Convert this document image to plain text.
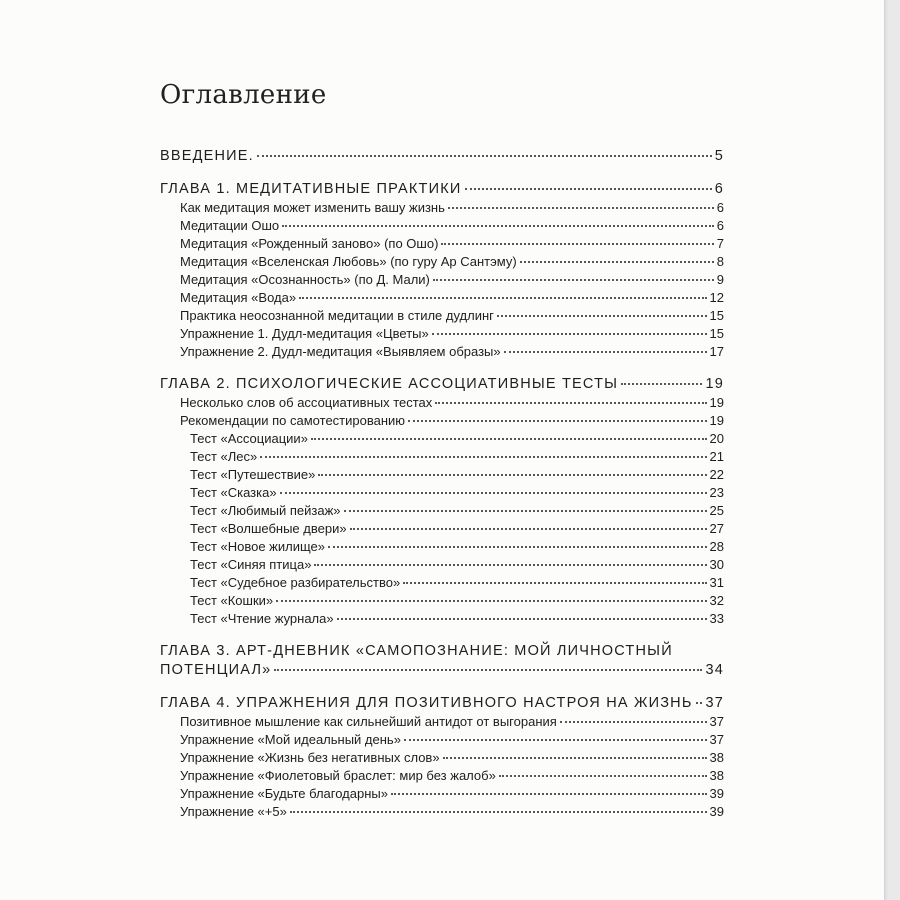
Оглавление
ВВЕДЕНИЕ.	5
ГЛАВА 1. МЕДИТАТИВНЫЕ ПРАКТИКИ	6
Как медитация может изменить вашу жизнь	6
Медитации Ошо	6
Медитация «Рожденный заново» (по Ошо)	7
Медитация «Вселенская Любовь» (по гуру Ар Сантэму)	8
Медитация «Осознанность» (по Д. Мали)	9
Медитация «Вода»	12
Практика неосознанной медитации в стиле дудлинг	15
Упражнение 1. Дудл-медитация «Цветы»	15
Упражнение 2. Дудл-медитация «Выявляем образы»	17
ГЛАВА 2. ПСИХОЛОГИЧЕСКИЕ АССОЦИАТИВНЫЕ ТЕСТЫ	19
Несколько слов об ассоциативных тестах	19
Рекомендации по самотестированию	19
Тест «Ассоциации»	20
Тест «Лес»	21
Тест «Путешествие»	22
Тест «Сказка»	23
Тест «Любимый пейзаж»	25
Тест «Волшебные двери»	27
Тест «Новое жилище»	28
Тест «Синяя птица»	30
Тест «Судебное разбирательство»	31
Тест «Кошки»	32
Тест «Чтение журнала»	33
ГЛАВА 3. АРТ-ДНЕВНИК «САМОПОЗНАНИЕ: МОЙ ЛИЧНОСТНЫЙ
ПОТЕНЦИАЛ»	34
ГЛАВА 4. УПРАЖНЕНИЯ ДЛЯ ПОЗИТИВНОГО НАСТРОЯ НА ЖИЗНЬ 37
Позитивное мышление как сильнейший антидот от выгорания	37
Упражнение «Мой идеальный день»	37
Упражнение «Жизнь без негативных слов»	38
Упражнение «Фиолетовый браслет: мир без жалоб»	38
Упражнение «Будьте благодарны»	39
Упражнение «+5»	39
